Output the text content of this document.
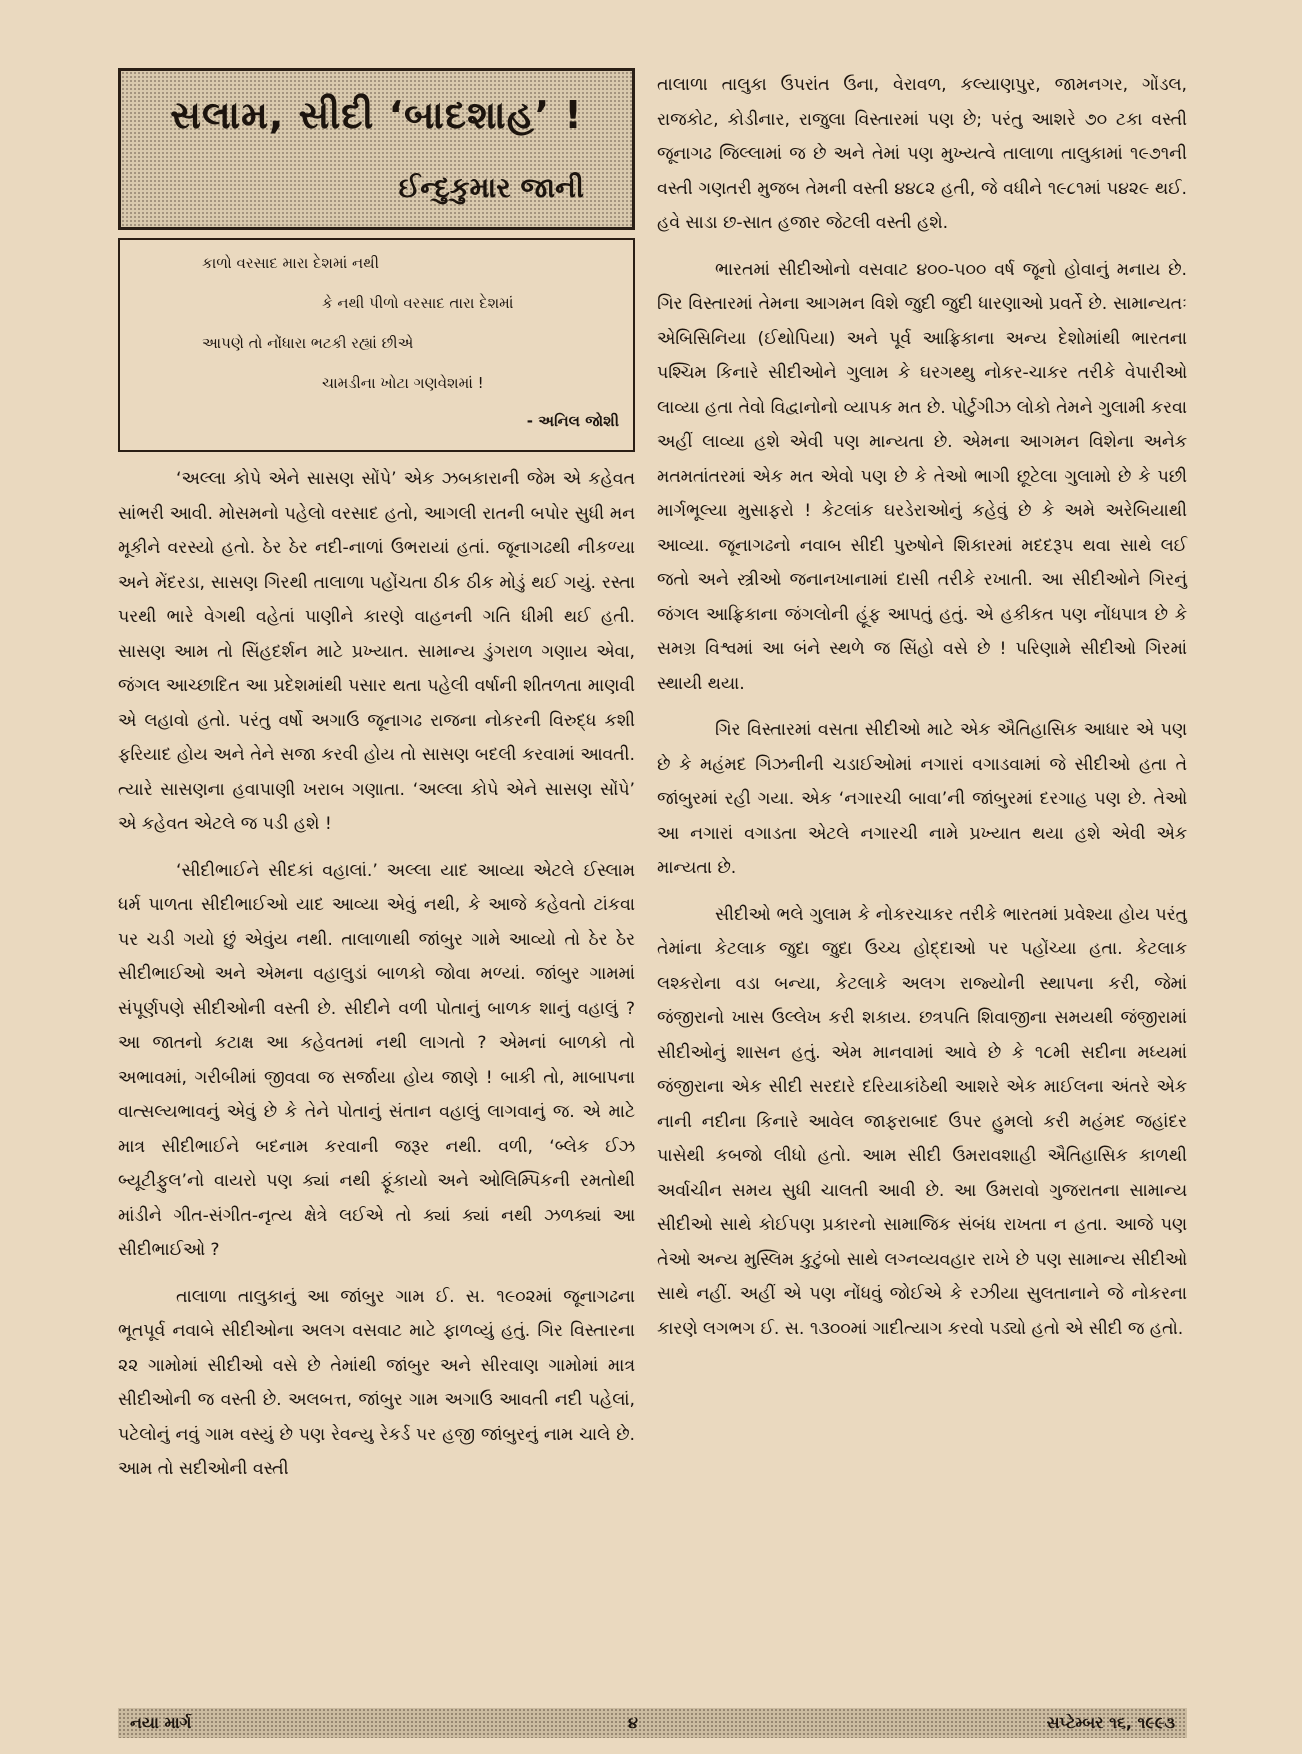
સલામ, સીદી ‘બાદશાહ’ !
ઈન્દુકુમાર જાની
કાળો વરસાદ મારા દેશમાં નથી
કે નથી પીળો વરસાદ તારા દેશમાં
આપણે તો નોંધારા ભટકી રહ્યાં છીએ
ચામડીના ખોટા ગણવેશમાં !
- અનિલ જોશી

‘અલ્લા કોપે એને સાસણ સોંપે’ એક ઝબકારાની જેમ એ કહેવત સાંભરી આવી. મોસમનો પહેલો વરસાદ હતો, આગલી રાતની બપોર સુધી મન મૂકીને વરસ્યો હતો. ઠેર ઠેર નદી-નાળાં ઉભરાયાં હતાં. જૂનાગઢથી નીકળ્યા અને મેંદરડા, સાસણ ગિરથી તાલાળા પહોંચતા ઠીક ઠીક મોડું થઈ ગયું. રસ્તા પરથી ભારે વેગથી વહેતાં પાણીને કારણે વાહનની ગતિ ધીમી થઈ હતી. સાસણ આમ તો સિંહદર્શન માટે પ્રખ્યાત. સામાન્ય ડુંગરાળ ગણાય એવા, જંગલ આચ્છાદિત આ પ્રદેશમાંથી પસાર થતા પહેલી વર્ષાની શીતળતા માણવી એ લહાવો હતો. પરંતુ વર્ષો અગાઉ જૂનાગઢ રાજના નોકરની વિરુદ્ધ કશી ફરિયાદ હોય અને તેને સજા કરવી હોય તો સાસણ બદલી કરવામાં આવતી. ત્યારે સાસણના હવાપાણી ખરાબ ગણાતા. ‘અલ્લા કોપે એને સાસણ સોંપે’ એ કહેવત એટલે જ પડી હશે !

‘સીદીભાઈને સીદકાં વહાલાં.’ અલ્લા યાદ આવ્યા એટલે ઈસ્લામ ધર્મ પાળતા સીદીભાઈઓ યાદ આવ્યા એવું નથી, કે આજે કહેવતો ટાંકવા પર ચડી ગયો છું એવુંય નથી. તાલાળાથી જાંબુર ગામે આવ્યો તો ઠેર ઠેર સીદીભાઈઓ અને એમના વહાલુડાં બાળકો જોવા મળ્યાં. જાંબુર ગામમાં સંપૂર્ણપણે સીદીઓની વસ્તી છે. સીદીને વળી પોતાનું બાળક શાનું વહાલું ? આ જાતનો કટાક્ષ આ કહેવતમાં નથી લાગતો ? એમનાં બાળકો તો અભાવમાં, ગરીબીમાં જીવવા જ સર્જાયા હોય જાણે ! બાકી તો, માબાપના વાત્સલ્યભાવનું એવું છે કે તેને પોતાનું સંતાન વહાલું લાગવાનું જ. એ માટે માત્ર સીદીભાઈને બદનામ કરવાની જરૂર નથી. વળી, ‘બ્લેક ઈઝ બ્યૂટીફુલ’નો વાયરો પણ ક્યાં નથી ફૂંકાયો અને ઓલિમ્પિકની રમતોથી માંડીને ગીત-સંગીત-નૃત્ય ક્ષેત્રે લઈએ તો ક્યાં ક્યાં નથી ઝળક્યાં આ સીદીભાઈઓ ?

તાલાળા તાલુકાનું આ જાંબુર ગામ ઈ. સ. ૧૯૦૨માં જૂનાગઢના ભૂતપૂર્વ નવાબે સીદીઓના અલગ વસવાટ માટે ફાળવ્યું હતું. ગિર વિસ્તારના ૨૨ ગામોમાં સીદીઓ વસે છે તેમાંથી જાંબુર અને સીરવાણ ગામોમાં માત્ર સીદીઓની જ વસ્તી છે. અલબત્ત, જાંબુર ગામ અગાઉ આવતી નદી પહેલાં, પટેલોનું નવું ગામ વસ્યું છે પણ રેવન્યુ રેકર્ડ પર હજી જાંબુરનું નામ ચાલે છે. આમ તો સદીઓની વસ્તી

તાલાળા તાલુકા ઉપરાંત ઉના, વેરાવળ, કલ્યાણપુર, જામનગર, ગોંડલ, રાજકોટ, કોડીનાર, રાજુલા વિસ્તારમાં પણ છે; પરંતુ આશરે ૭૦ ટકા વસ્તી જૂનાગઢ જિલ્લામાં જ છે અને તેમાં પણ મુખ્યત્વે તાલાળા તાલુકામાં ૧૯૭૧ની વસ્તી ગણતરી મુજબ તેમની વસ્તી ૪૪૮૨ હતી, જે વધીને ૧૯૮૧માં ૫૪૨૯ થઈ. હવે સાડા છ-સાત હજાર જેટલી વસ્તી હશે.

ભારતમાં સીદીઓનો વસવાટ ૪૦૦-૫૦૦ વર્ષ જૂનો હોવાનું મનાય છે. ગિર વિસ્તારમાં તેમના આગમન વિશે જુદી જુદી ધારણાઓ પ્રવર્તે છે. સામાન્યતઃ એબિસિનિયા (ઈથોપિયા) અને પૂર્વ આફ્રિકાના અન્ય દેશોમાંથી ભારતના પશ્ચિમ કિનારે સીદીઓને ગુલામ કે ઘરગથ્થુ નોકર-ચાકર તરીકે વેપારીઓ લાવ્યા હતા તેવો વિદ્વાનોનો વ્યાપક મત છે. પોર્ટુગીઝ લોકો તેમને ગુલામી કરવા અહીં લાવ્યા હશે એવી પણ માન્યતા છે. એમના આગમન વિશેના અનેક મતમતાંતરમાં એક મત એવો પણ છે કે તેઓ ભાગી છૂટેલા ગુલામો છે કે પછી માર્ગભૂલ્યા મુસાફરો ! કેટલાંક ઘરડેરાઓનું કહેવું છે કે અમે અરેબિયાથી આવ્યા. જૂનાગઢનો નવાબ સીદી પુરુષોને શિકારમાં મદદરૂપ થવા સાથે લઈ જતો અને સ્ત્રીઓ જનાનખાનામાં દાસી તરીકે રખાતી. આ સીદીઓને ગિરનું જંગલ આફ્રિકાના જંગલોની હૂંફ આપતું હતું. એ હકીકત પણ નોંધપાત્ર છે કે સમગ્ર વિશ્વમાં આ બંને સ્થળે જ સિંહો વસે છે ! પરિણામે સીદીઓ ગિરમાં સ્થાયી થયા.

ગિર વિસ્તારમાં વસતા સીદીઓ માટે એક ઐતિહાસિક આધાર એ પણ છે કે મહંમદ ગિઝનીની ચડાઈઓમાં નગારાં વગાડવામાં જે સીદીઓ હતા તે જાંબુરમાં રહી ગયા. એક ‘નગારચી બાવા’ની જાંબુરમાં દરગાહ પણ છે. તેઓ આ નગારાં વગાડતા એટલે નગારચી નામે પ્રખ્યાત થયા હશે એવી એક માન્યતા છે.

સીદીઓ ભલે ગુલામ કે નોકરચાકર તરીકે ભારતમાં પ્રવેશ્યા હોય પરંતુ તેમાંના કેટલાક જુદા જુદા ઉચ્ચ હોદ્દાઓ પર પહોંચ્યા હતા. કેટલાક લશ્કરોના વડા બન્યા, કેટલાકે અલગ રાજ્યોની સ્થાપના કરી, જેમાં જંજીરાનો ખાસ ઉલ્લેખ કરી શકાય. છત્રપતિ શિવાજીના સમયથી જંજીરામાં સીદીઓનું શાસન હતું. એમ માનવામાં આવે છે કે ૧૮મી સદીના મધ્યમાં જંજીરાના એક સીદી સરદારે દરિયાકાંઠેથી આશરે એક માઈલના અંતરે એક નાની નદીના કિનારે આવેલ જાફરાબાદ ઉપર હુમલો કરી મહંમદ જહાંદર પાસેથી કબજો લીધો હતો. આમ સીદી ઉમરાવશાહી ઐતિહાસિક કાળથી અર્વાચીન સમય સુધી ચાલતી આવી છે. આ ઉમરાવો ગુજરાતના સામાન્ય સીદીઓ સાથે કોઈપણ પ્રકારનો સામાજિક સંબંધ રાખતા ન હતા. આજે પણ તેઓ અન્ય મુસ્લિમ કુટુંબો સાથે લગ્નવ્યવહાર રાખે છે પણ સામાન્ય સીદીઓ સાથે નહીં. અહીં એ પણ નોંધવું જોઈએ કે રઝીયા સુલતાનાને જે નોકરના કારણે લગભગ ઈ. સ. ૧૩૦૦માં ગાદીત્યાગ કરવો પડ્યો હતો એ સીદી જ હતો.

નયા માર્ગ	૪	સપ્ટેમ્બર ૧૬, ૧૯૯૩
